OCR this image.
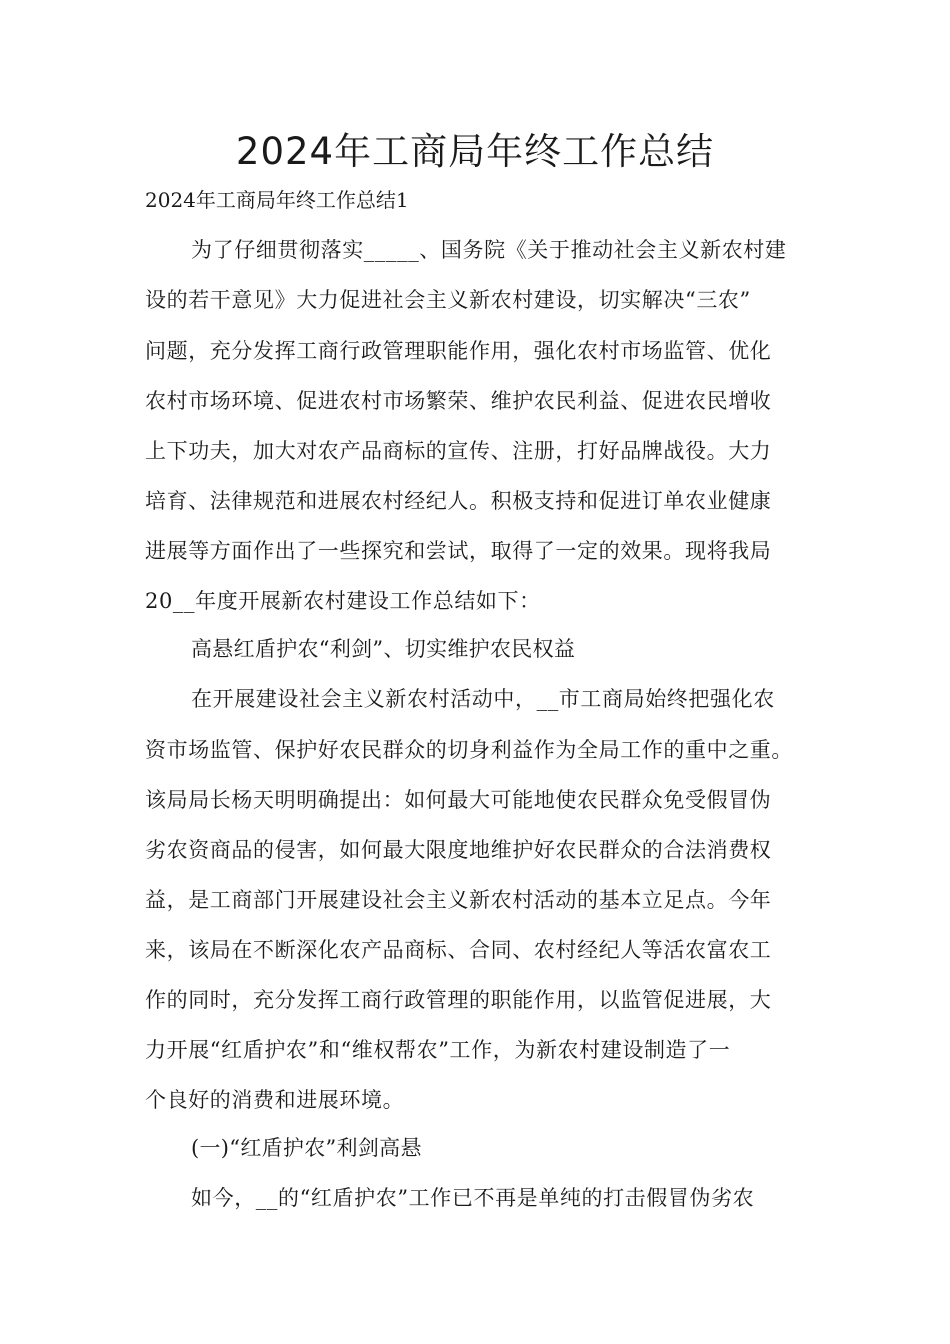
2024年工商局年终工作总结
2024年工商局年终工作总结1
为了仔细贯彻落实_____、国务院《关于推动社会主义新农村建
设的若干意见》大力促进社会主义新农村建设，切实解决“三农”
问题，充分发挥工商行政管理职能作用，强化农村市场监管、优化
农村市场环境、促进农村市场繁荣、维护农民利益、促进农民增收
上下功夫，加大对农产品商标的宣传、注册，打好品牌战役。大力
培育、法律规范和进展农村经纪人。积极支持和促进订单农业健康
进展等方面作出了一些探究和尝试，取得了一定的效果。现将我局
20__年度开展新农村建设工作总结如下：
高悬红盾护农“利剑”、切实维护农民权益
在开展建设社会主义新农村活动中，__市工商局始终把强化农
资市场监管、保护好农民群众的切身利益作为全局工作的重中之重。
该局局长杨天明明确提出：如何最大可能地使农民群众免受假冒伪
劣农资商品的侵害，如何最大限度地维护好农民群众的合法消费权
益，是工商部门开展建设社会主义新农村活动的基本立足点。今年
来，该局在不断深化农产品商标、合同、农村经纪人等活农富农工
作的同时，充分发挥工商行政管理的职能作用，以监管促进展，大
力开展“红盾护农”和“维权帮农”工作，为新农村建设制造了一
个良好的消费和进展环境。
(一)“红盾护农”利剑高悬
如今，__的“红盾护农”工作已不再是单纯的打击假冒伪劣农
